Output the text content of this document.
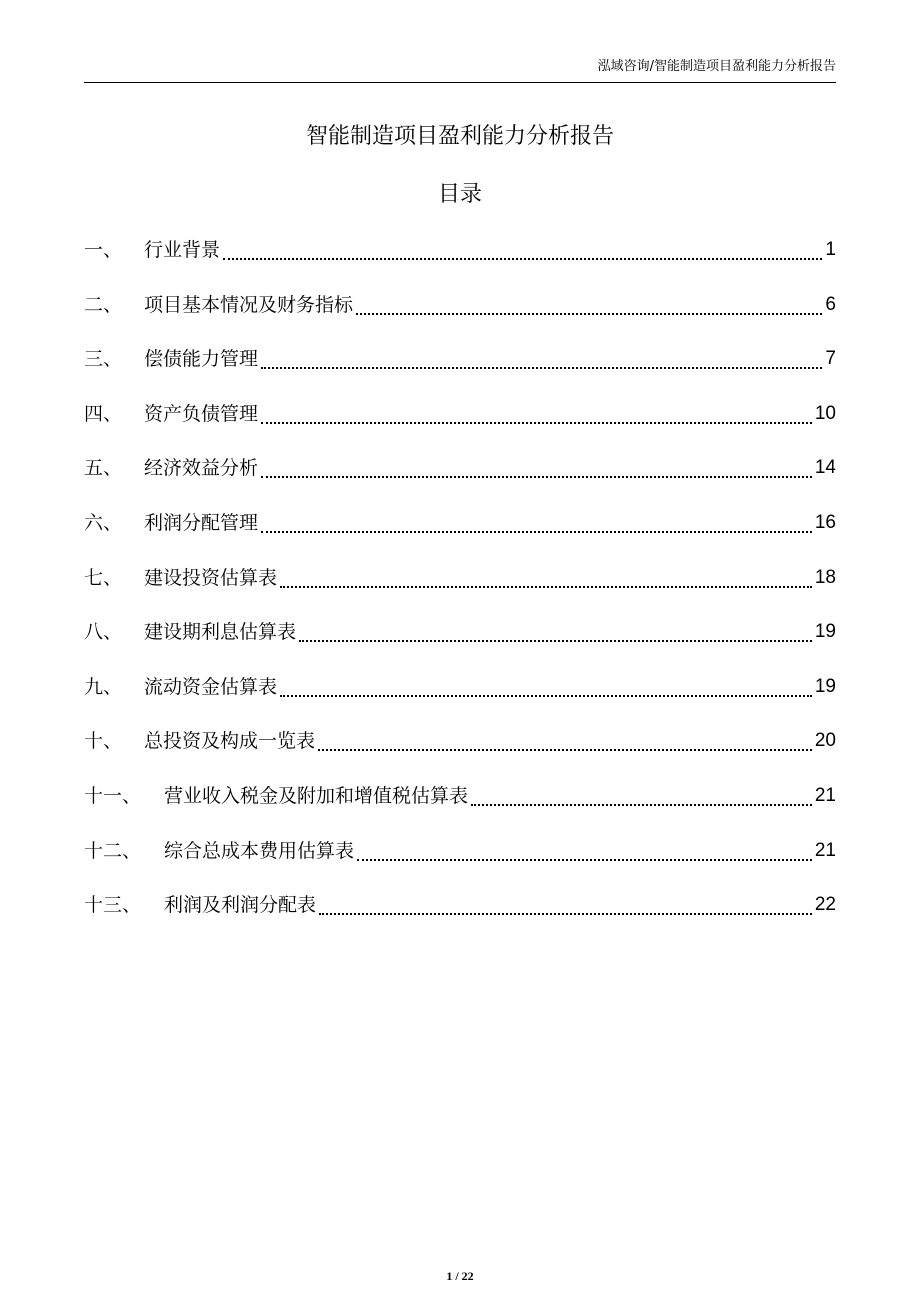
泓域咨询/智能制造项目盈利能力分析报告
智能制造项目盈利能力分析报告
目录
一、	行业背景	1
二、	项目基本情况及财务指标	6
三、	偿债能力管理	7
四、	资产负债管理	10
五、	经济效益分析	14
六、	利润分配管理	16
七、	建设投资估算表	18
八、	建设期利息估算表	19
九、	流动资金估算表	19
十、	总投资及构成一览表	20
十一、	营业收入税金及附加和增值税估算表	21
十二、	综合总成本费用估算表	21
十三、	利润及利润分配表	22
1 / 22
